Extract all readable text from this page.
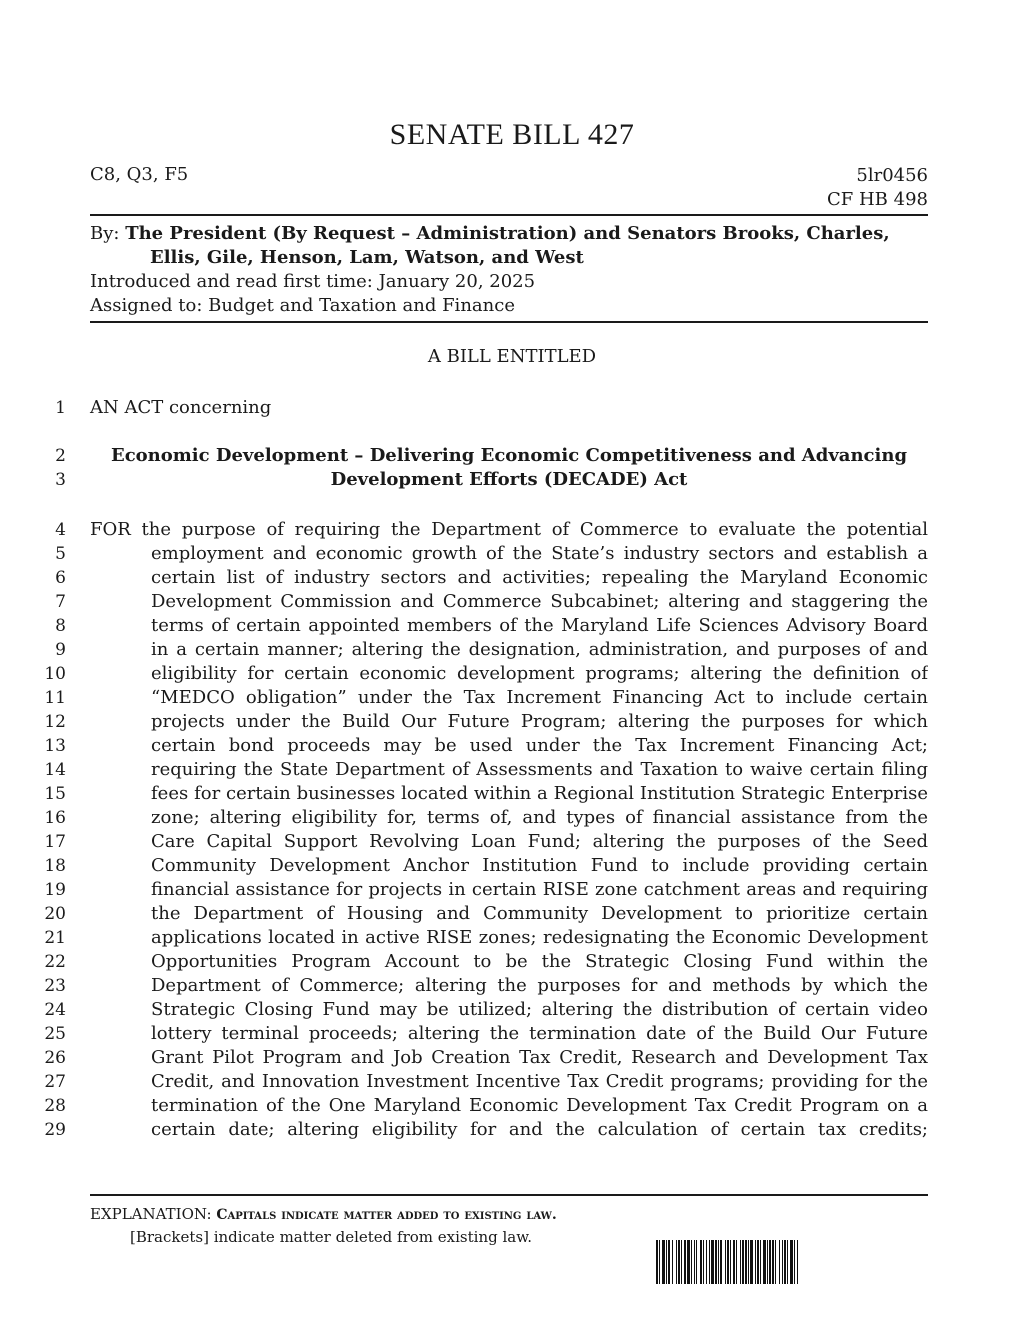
SENATE BILL 427
C8, Q3, F5	5lr0456
CF HB 498
By: The President (By Request – Administration) and Senators Brooks, Charles,
Ellis, Gile, Henson, Lam, Watson, and West
Introduced and read first time: January 20, 2025
Assigned to: Budget and Taxation and Finance
A BILL ENTITLED
1 AN ACT concerning
2	Economic Development – Delivering Economic Competitiveness and Advancing
3	Development Efforts (DECADE) Act
4 FOR the purpose of requiring the Department of Commerce to evaluate the potential
5	employment and economic growth of the State’s industry sectors and establish a
6	certain list of industry sectors and activities; repealing the Maryland Economic
7	Development Commission and Commerce Subcabinet; altering and staggering the
8	terms of certain appointed members of the Maryland Life Sciences Advisory Board
9	in a certain manner; altering the designation, administration, and purposes of and
10	eligibility for certain economic development programs; altering the definition of
11	“MEDCO obligation” under the Tax Increment Financing Act to include certain
12	projects under the Build Our Future Program; altering the purposes for which
13	certain bond proceeds may be used under the Tax Increment Financing Act;
14	requiring the State Department of Assessments and Taxation to waive certain filing
15	fees for certain businesses located within a Regional Institution Strategic Enterprise
16	zone; altering eligibility for, terms of, and types of financial assistance from the
17	Care Capital Support Revolving Loan Fund; altering the purposes of the Seed
18	Community Development Anchor Institution Fund to include providing certain
19	financial assistance for projects in certain RISE zone catchment areas and requiring
20	the Department of Housing and Community Development to prioritize certain
21	applications located in active RISE zones; redesignating the Economic Development
22	Opportunities Program Account to be the Strategic Closing Fund within the
23	Department of Commerce; altering the purposes for and methods by which the
24	Strategic Closing Fund may be utilized; altering the distribution of certain video
25	lottery terminal proceeds; altering the termination date of the Build Our Future
26	Grant Pilot Program and Job Creation Tax Credit, Research and Development Tax
27	Credit, and Innovation Investment Incentive Tax Credit programs; providing for the
28	termination of the One Maryland Economic Development Tax Credit Program on a
29	certain date; altering eligibility for and the calculation of certain tax credits;
EXPLANATION: Capitals indicate matter added to existing law.
[Brackets] indicate matter deleted from existing law.
